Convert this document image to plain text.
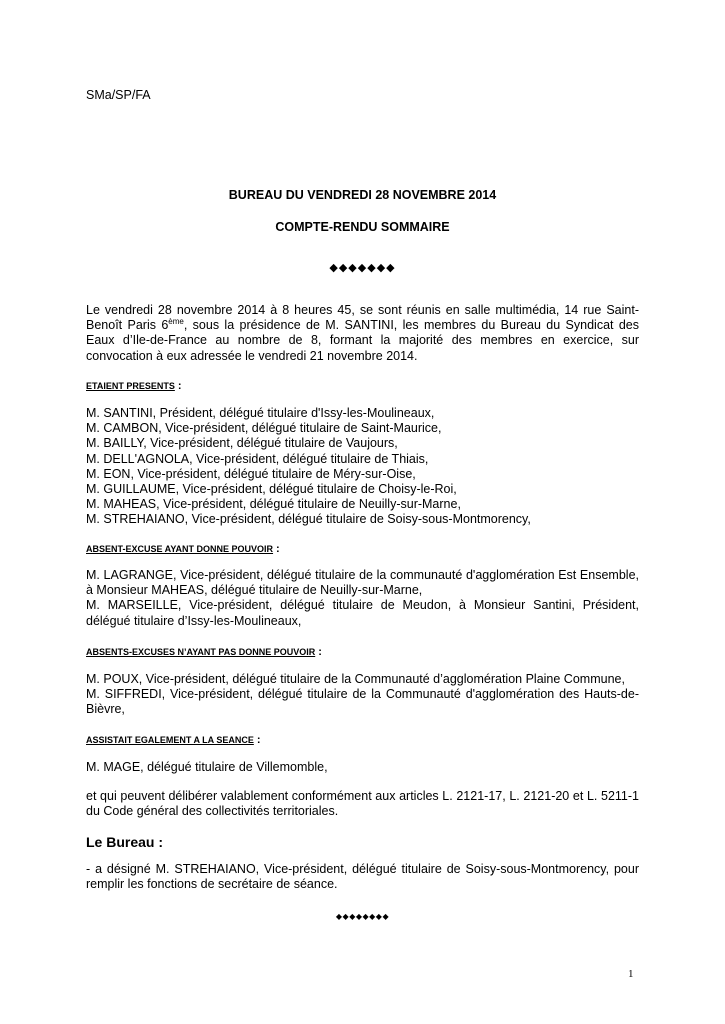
SMa/SP/FA
BUREAU DU VENDREDI 28 NOVEMBRE 2014
COMPTE-RENDU SOMMAIRE
◆◆◆◆◆◆◆

Le vendredi 28 novembre 2014 à 8 heures 45, se sont réunis en salle multimédia, 14 rue Saint-Benoît Paris 6ème, sous la présidence de M. SANTINI, les membres du Bureau du Syndicat des Eaux d’Ile-de-France au nombre de 8, formant la majorité des membres en exercice, sur convocation à eux adressée le vendredi 21 novembre 2014.

ETAIENT PRESENTS :
M. SANTINI, Président, délégué titulaire d'Issy-les-Moulineaux,
M. CAMBON, Vice-président, délégué titulaire de Saint-Maurice,
M. BAILLY, Vice-président, délégué titulaire de Vaujours,
M. DELL'AGNOLA, Vice-président, délégué titulaire de Thiais,
M. EON, Vice-président, délégué titulaire de Méry-sur-Oise,
M. GUILLAUME, Vice-président, délégué titulaire de Choisy-le-Roi,
M. MAHEAS, Vice-président, délégué titulaire de Neuilly-sur-Marne,
M. STREHAIANO, Vice-président, délégué titulaire de Soisy-sous-Montmorency,
ABSENT-EXCUSE AYANT DONNE POUVOIR :
M. LAGRANGE, Vice-président, délégué titulaire de la communauté d'agglomération Est Ensemble, à Monsieur MAHEAS, délégué titulaire de Neuilly-sur-Marne,
M. MARSEILLE, Vice-président, délégué titulaire de Meudon, à Monsieur Santini, Président, délégué titulaire d’Issy-les-Moulineaux,
ABSENTS-EXCUSES N’AYANT PAS DONNE POUVOIR :
M. POUX, Vice-président, délégué titulaire de la Communauté d’agglomération Plaine Commune,
M. SIFFREDI, Vice-président, délégué titulaire de la Communauté d'agglomération des Hauts-de-Bièvre,
ASSISTAIT EGALEMENT A LA SEANCE :
M. MAGE, délégué titulaire de Villemomble,

et qui peuvent délibérer valablement conformément aux articles L. 2121-17, L. 2121-20 et L. 5211-1 du Code général des collectivités territoriales.

Le Bureau :

- a désigné M. STREHAIANO, Vice-président, délégué titulaire de Soisy-sous-Montmorency, pour remplir les fonctions de secrétaire de séance.

◆◆◆◆◆◆◆◆
1
